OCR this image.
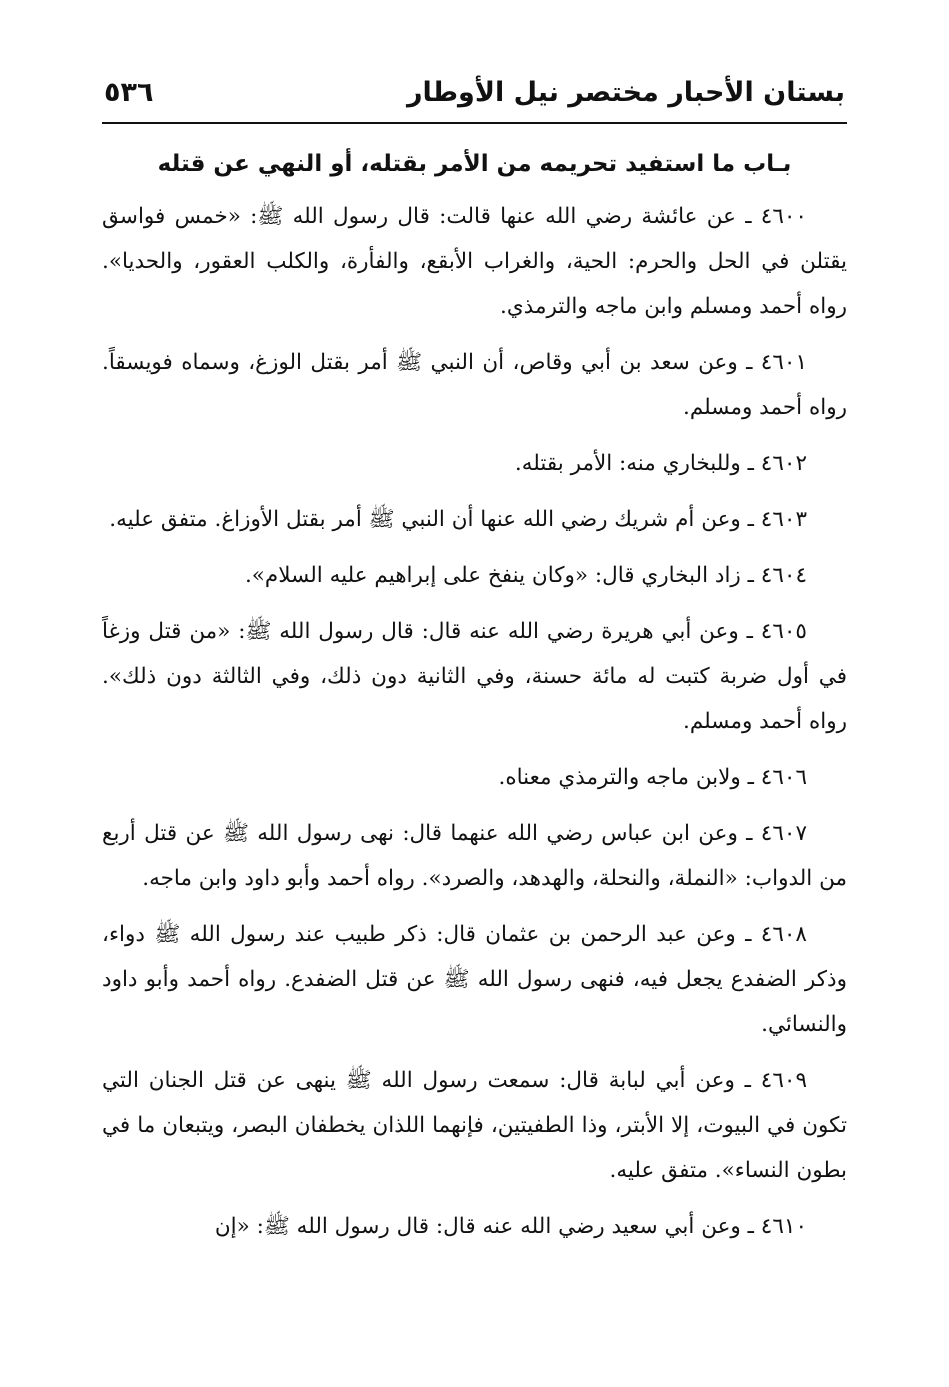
بستان الأحبار مختصر نيل الأوطار
٥٣٦
بـاب ما استفيد تحريمه من الأمر بقتله، أو النهي عن قتله

٤٦٠٠ ـ عن عائشة رضي الله عنها قالت: قال رسول الله ﷺ: «خمس فواسق يقتلن في الحل والحرم: الحية، والغراب الأبقع، والفأرة، والكلب العقور، والحديا». رواه أحمد ومسلم وابن ماجه والترمذي.

٤٦٠١ ـ وعن سعد بن أبي وقاص، أن النبي ﷺ أمر بقتل الوزغ، وسماه فويسقاً. رواه أحمد ومسلم.

٤٦٠٢ ـ وللبخاري منه: الأمر بقتله.

٤٦٠٣ ـ وعن أم شريك رضي الله عنها أن النبي ﷺ أمر بقتل الأوزاغ. متفق عليه.

٤٦٠٤ ـ زاد البخاري قال: «وكان ينفخ على إبراهيم عليه السلام».

٤٦٠٥ ـ وعن أبي هريرة رضي الله عنه قال: قال رسول الله ﷺ: «من قتل وزغاً في أول ضربة كتبت له مائة حسنة، وفي الثانية دون ذلك، وفي الثالثة دون ذلك». رواه أحمد ومسلم.

٤٦٠٦ ـ ولابن ماجه والترمذي معناه.

٤٦٠٧ ـ وعن ابن عباس رضي الله عنهما قال: نهى رسول الله ﷺ عن قتل أربع من الدواب: «النملة، والنحلة، والهدهد، والصرد». رواه أحمد وأبو داود وابن ماجه.

٤٦٠٨ ـ وعن عبد الرحمن بن عثمان قال: ذكر طبيب عند رسول الله ﷺ دواء، وذكر الضفدع يجعل فيه، فنهى رسول الله ﷺ عن قتل الضفدع. رواه أحمد وأبو داود والنسائي.

٤٦٠٩ ـ وعن أبي لبابة قال: سمعت رسول الله ﷺ ينهى عن قتل الجنان التي تكون في البيوت، إلا الأبتر، وذا الطفيتين، فإنهما اللذان يخطفان البصر، ويتبعان ما في بطون النساء». متفق عليه.

٤٦١٠ ـ وعن أبي سعيد رضي الله عنه قال: قال رسول الله ﷺ: «إن
